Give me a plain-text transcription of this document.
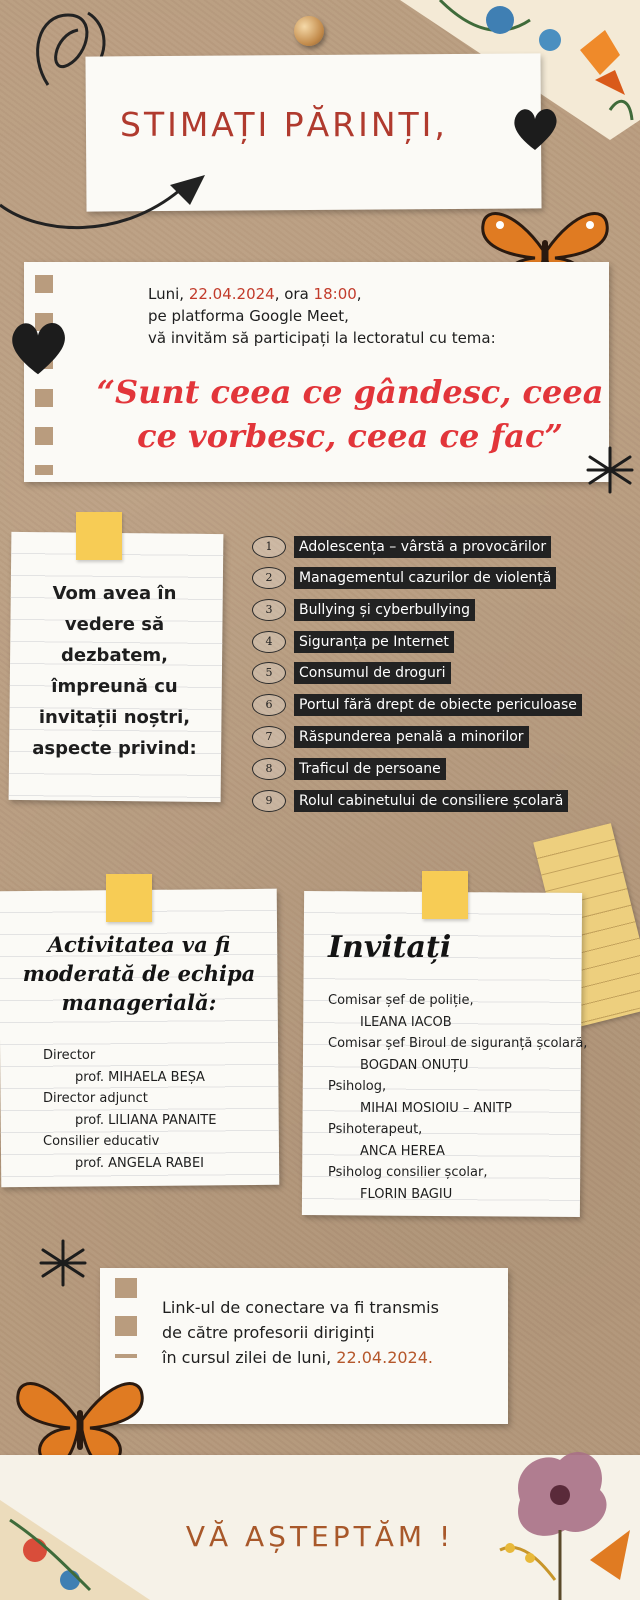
STIMAȚI PĂRINȚI,
Luni, 22.04.2024, ora 18:00,
pe platforma Google Meet,
vă invităm să participați la lectoratul cu tema:
“Sunt ceea ce gândesc, ceea
ce vorbesc, ceea ce fac”
Vom avea în
vedere să
dezbatem,
împreună cu
invitații noștri,
aspecte privind:
1	Adolescența – vârstă a provocărilor
2	Managementul cazurilor de violență
3	Bullying și cyberbullying
4	Siguranța pe Internet
5	Consumul de droguri
6	Portul fără drept de obiecte periculoase
7	Răspunderea penală a minorilor
8	Traficul de persoane
9	Rolul cabinetului de consiliere școlară
Activitatea va fi
moderată de echipa
managerială:
Director
prof. MIHAELA BEȘA
Director adjunct
prof. LILIANA PANAITE
Consilier educativ
prof. ANGELA RABEI
Invitați
Comisar șef de poliție,
ILEANA IACOB
Comisar șef Biroul de siguranță școlară,
BOGDAN ONUȚU
Psiholog,
MIHAI MOSIOIU – ANITP
Psihoterapeut,
ANCA HEREA
Psiholog consilier școlar,
FLORIN BAGIU
Link-ul de conectare va fi transmis
de către profesorii diriginți
în cursul zilei de luni, 22.04.2024.
VĂ AȘTEPTĂM !
